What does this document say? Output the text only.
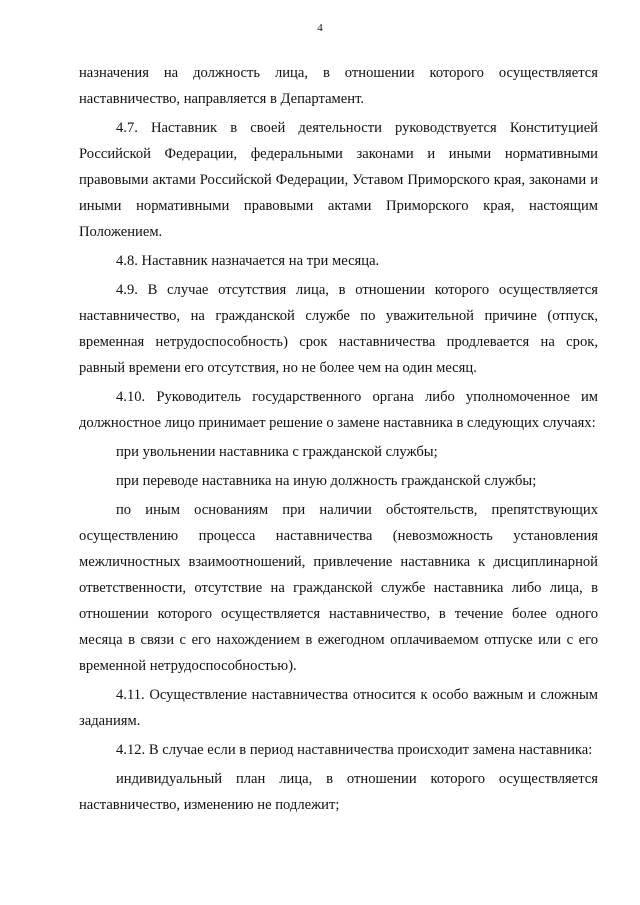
4

назначения на должность лица, в отношении которого осуществляется наставничество, направляется в Департамент.

4.7. Наставник в своей деятельности руководствуется Конституцией Российской Федерации, федеральными законами и иными нормативными правовыми актами Российской Федерации, Уставом Приморского края, законами и иными нормативными правовыми актами Приморского края, настоящим Положением.

4.8. Наставник назначается на три месяца.

4.9. В случае отсутствия лица, в отношении которого осуществляется наставничество, на гражданской службе по уважительной причине (отпуск, временная нетрудоспособность) срок наставничества продлевается на срок, равный времени его отсутствия, но не более чем на один месяц.

4.10. Руководитель государственного органа либо уполномоченное им должностное лицо принимает решение о замене наставника в следующих случаях:

при увольнении наставника с гражданской службы;

при переводе наставника на иную должность гражданской службы;

по иным основаниям при наличии обстоятельств, препятствующих осуществлению процесса наставничества (невозможность установления межличностных взаимоотношений, привлечение наставника к дисциплинарной ответственности, отсутствие на гражданской службе наставника либо лица, в отношении которого осуществляется наставничество, в течение более одного месяца в связи с его нахождением в ежегодном оплачиваемом отпуске или с его временной нетрудоспособностью).

4.11. Осуществление наставничества относится к особо важным и сложным заданиям.

4.12. В случае если в период наставничества происходит замена наставника:

индивидуальный план лица, в отношении которого осуществляется наставничество, изменению не подлежит;
